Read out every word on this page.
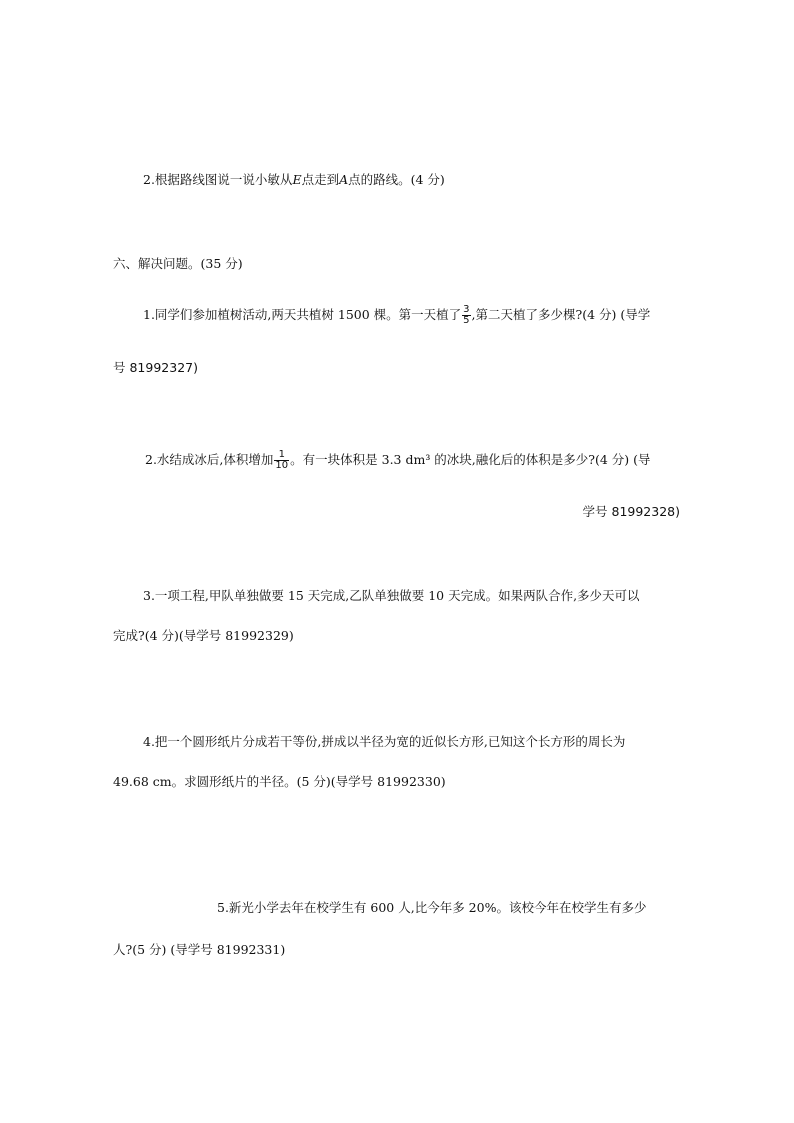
2.根据路线图说一说小敏从E点走到A点的路线。(4 分)
六、解决问题。(35 分)
1.同学们参加植树活动,两天共植树 1500 棵。第一天植了 $\frac{3}{5}$ ,第二天植了多少棵?(4 分) (导学
号 81992327)
2.水结成冰后,体积增加 $\frac{1}{10}$ 。有一块体积是 3.3 dm³ 的冰块,融化后的体积是多少?(4 分) (导
学号 81992328)
3.一项工程,甲队单独做要 15 天完成,乙队单独做要 10 天完成。如果两队合作,多少天可以
完成?(4 分)(导学号 81992329)
4.把一个圆形纸片分成若干等份,拼成以半径为宽的近似长方形,已知这个长方形的周长为
49.68 cm。求圆形纸片的半径。(5 分)(导学号 81992330)
5.新光小学去年在校学生有 600 人,比今年多 20%。该校今年在校学生有多少
人?(5 分) (导学号 81992331)
